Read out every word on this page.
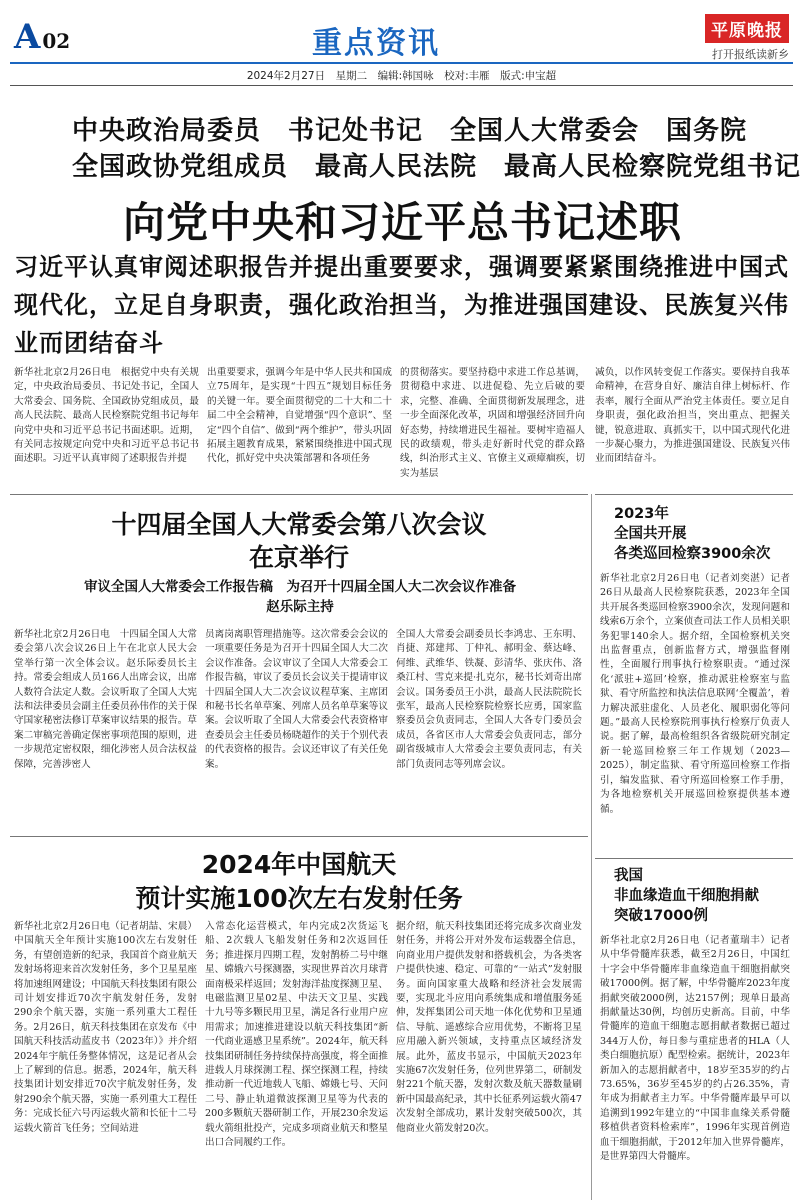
A 02	重点资讯	平原晚报
打开报纸读新乡
2024年2月27日　星期二　编辑:韩国咏　校对:丰雁　版式:申宝超
中央政治局委员　书记处书记　全国人大常委会　国务院
全国政协党组成员　最高人民法院　最高人民检察院党组书记
向党中央和习近平总书记述职
习近平认真审阅述职报告并提出重要要求，强调要紧紧围绕推进中国式现代化，立足自身职责，强化政治担当，为推进强国建设、民族复兴伟业而团结奋斗
新华社北京2月26日电　根据党中央有关规定，中央政治局委员、书记处书记，全国人大常委会、国务院、全国政协党组成员，最高人民法院、最高人民检察院党组书记每年向党中央和习近平总书记书面述职。近期，有关同志按规定向党中央和习近平总书记书面述职。习近平认真审阅了述职报告并提
出重要要求，强调今年是中华人民共和国成立75周年，是实现“十四五”规划目标任务的关键一年。要全面贯彻党的二十大和二十届二中全会精神，自觉增强“四个意识”、坚定“四个自信”、做到“两个维护”，带头巩固拓展主题教育成果，紧紧围绕推进中国式现代化，抓好党中央决策部署和各项任务
的贯彻落实。要坚持稳中求进工作总基调，贯彻稳中求进、以进促稳、先立后破的要求，完整、准确、全面贯彻新发展理念，进一步全面深化改革，巩固和增强经济回升向好态势，持续增进民生福祉。要树牢造福人民的政绩观，带头走好新时代党的群众路线，纠治形式主义、官僚主义顽瘴痼疾，切实为基层
减负，以作风转变促工作落实。要保持自我革命精神，在营身自好、廉洁自律上树标杆、作表率，履行全面从严治党主体责任。要立足自身职责，强化政治担当，突出重点、把握关键，锐意进取、真抓实干，以中国式现代化进一步凝心聚力，为推进强国建设、民族复兴伟业而团结奋斗。
十四届全国人大常委会第八次会议
在京举行
审议全国人大常委会工作报告稿　为召开十四届全国人大二次会议作准备
赵乐际主持
新华社北京2月26日电　十四届全国人大常委会第八次会议26日上午在北京人民大会堂举行第一次全体会议。赵乐际委员长主持。常委会组成人员166人出席会议，出席人数符合法定人数。会议听取了全国人大宪法和法律委员会副主任委员孙伟作的关于保守国家秘密法修订草案审议结果的报告。草案二审稿完善确定保密事项范围的原则，进一步规范定密权限，细化涉密人员合法权益保障，完善涉密人
员离岗离职管理措施等。这次常委会会议的一项重要任务是为召开十四届全国人大二次会议作准备。会议审议了全国人大常委会工作报告稿，审议了委员长会议关于提请审议十四届全国人大二次会议议程草案、主席团和秘书长名单草案、列席人员名单草案等议案。会议听取了全国人大常委会代表资格审查委员会主任委员杨晓超作的关于个别代表的代表资格的报告。会议还审议了有关任免案。
全国人大常委会副委员长李鸿忠、王东明、肖捷、郑建邦、丁仲礼、郝明金、蔡达峰、何维、武维华、铁凝、彭清华、张庆伟、洛桑江村、雪克来提·扎克尔，秘书长刘奇出席会议。国务委员王小洪，最高人民法院院长张军，最高人民检察院检察长应勇，国家监察委员会负责同志，全国人大各专门委员会成员，各省区市人大常委会负责同志，部分副省级城市人大常委会主要负责同志，有关部门负责同志等列席会议。
2024年中国航天
预计实施100次左右发射任务
新华社北京2月26日电（记者胡喆、宋晨）中国航天全年预计实施100次左右发射任务，有望创造新的纪录，我国首个商业航天发射场将迎来首次发射任务，多个卫星星座将加速组网建设；中国航天科技集团有限公司计划安排近70次宇航发射任务，发射290余个航天器，实施一系列重大工程任务。2月26日，航天科技集团在京发布《中国航天科技活动蓝皮书（2023年）》并介绍2024年宇航任务整体情况，这是记者从会上了解到的信息。据悉，2024年，航天科技集团计划安排近70次宇航发射任务，发射290余个航天器，实施一系列重大工程任务：完成长征六号丙运载火箭和长征十二号运载火箭首飞任务；空间站进
入常态化运营模式，年内完成2次货运飞船、2次载人飞船发射任务和2次返回任务；推进探月四期工程，发射鹊桥二号中继星、嫦娥六号探测器，实现世界首次月球背面南极采样返回；发射海洋盐度探测卫星、电磁监测卫星02星、中法天文卫星、实践十九号等多颗民用卫星，满足各行业用户应用需求；加速推进建设以航天科技集团“新一代商业遥感卫星系统”。2024年，航天科技集团研制任务持续保持高强度，将全面推进载人月球探测工程、探空探测工程，持续推动新一代近地载人飞船、嫦娥七号、天问二号、静止轨道微波探测卫星等为代表的200多颗航天器研制工作，开展230余发运载火箭组批投产，完成多项商业航天和整星出口合同履约工作。
据介绍，航天科技集团还将完成多次商业发射任务，并将公开对外发布运载器全信息，向商业用户提供发射和搭载机会，为各类客户提供快速、稳定、可靠的“一站式”发射服务。面向国家重大战略和经济社会发展需要，实现北斗应用向系统集成和增值服务延伸，发挥集团公司天地一体化优势和卫星通信、导航、遥感综合应用优势，不断将卫星应用融入新兴领域，支持重点区域经济发展。此外，蓝皮书显示，中国航天2023年实施67次发射任务，位列世界第二，研制发射221个航天器，发射次数及航天器数量刷新中国最高纪录，其中长征系列运载火箭47次发射全部成功，累计发射突破500次，其他商业火箭发射20次。
2023年
全国共开展
各类巡回检察3900余次
新华社北京2月26日电（记者刘奕湛）记者26日从最高人民检察院获悉，2023年全国共开展各类巡回检察3900余次，发现问题和线索6万余个，立案侦查司法工作人员相关职务犯罪140余人。据介绍，全国检察机关突出监督重点，创新监督方式，增强监督刚性，全面履行刑事执行检察职责。“通过深化‘派驻+巡回’检察，推动派驻检察室与监狱、看守所监控和执法信息联网‘全覆盖’，着力解决派驻虚化、人员老化、履职弱化等问题。”最高人民检察院刑事执行检察厅负责人说。据了解，最高检组织各省级院研究制定新一轮巡回检察三年工作规划（2023—2025），制定监狱、看守所巡回检察工作指引，编发监狱、看守所巡回检察工作手册，为各地检察机关开展巡回检察提供基本遵循。
我国
非血缘造血干细胞捐献
突破17000例
新华社北京2月26日电（记者董瑞丰）记者从中华骨髓库获悉，截至2月26日，中国红十字会中华骨髓库非血缘造血干细胞捐献突破17000例。据了解，中华骨髓库2023年度捐献突破2000例，达2157例；现单日最高捐献量达30例，均创历史新高。目前，中华骨髓库的造血干细胞志愿捐献者数据已超过344万人份，每日参与重症患者的HLA（人类白细胞抗原）配型检索。据统计，2023年新加入的志愿捐献者中，18岁至35岁的约占73.65%，36岁至45岁的约占26.35%，青年成为捐献者主力军。中华骨髓库最早可以追溯到1992年建立的“中国非血缘关系骨髓移植供者资料检索库”，1996年实现首例造血干细胞捐献，于2012年加入世界骨髓库，是世界第四大骨髓库。
